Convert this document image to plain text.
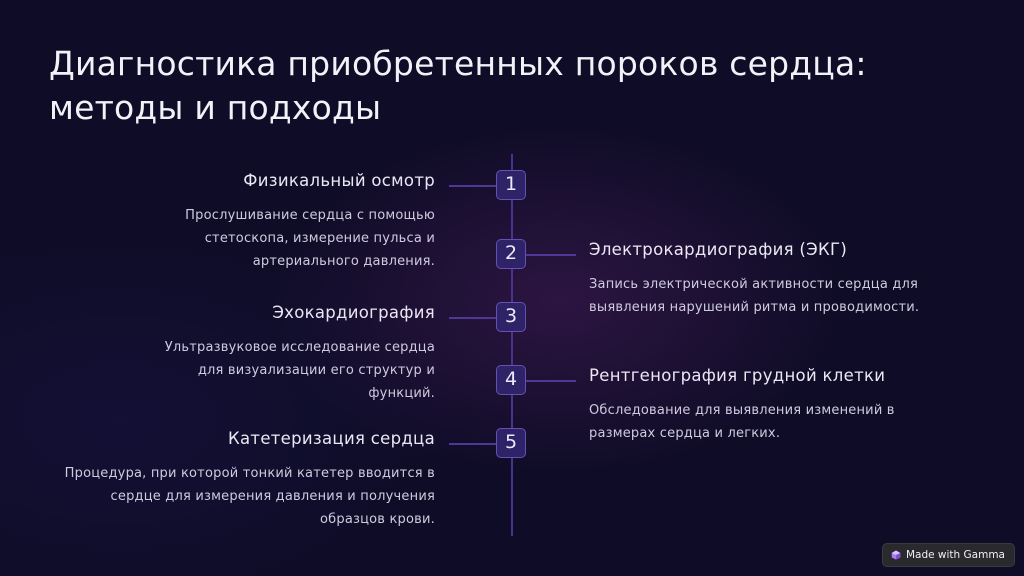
Диагностика приобретенных пороков сердца:
методы и подходы
1
Физикальный осмотр

Прослушивание сердца с помощью стетоскопа, измерение пульса и артериального давления.	2	Электрокардиография (ЭКГ)

Запись электрической активности сердца для выявления нарушений ритма и проводимости.

3
Эхокардиография

Ультразвуковое исследование сердца для визуализации его структур и функций.

4	Рентгенография грудной клетки

Обследование для выявления изменений в размерах сердца и легких.

5
Катетеризация сердца

Процедура, при которой тонкий катетер вводится в сердце для измерения давления и получения образцов крови.

Made with Gamma
